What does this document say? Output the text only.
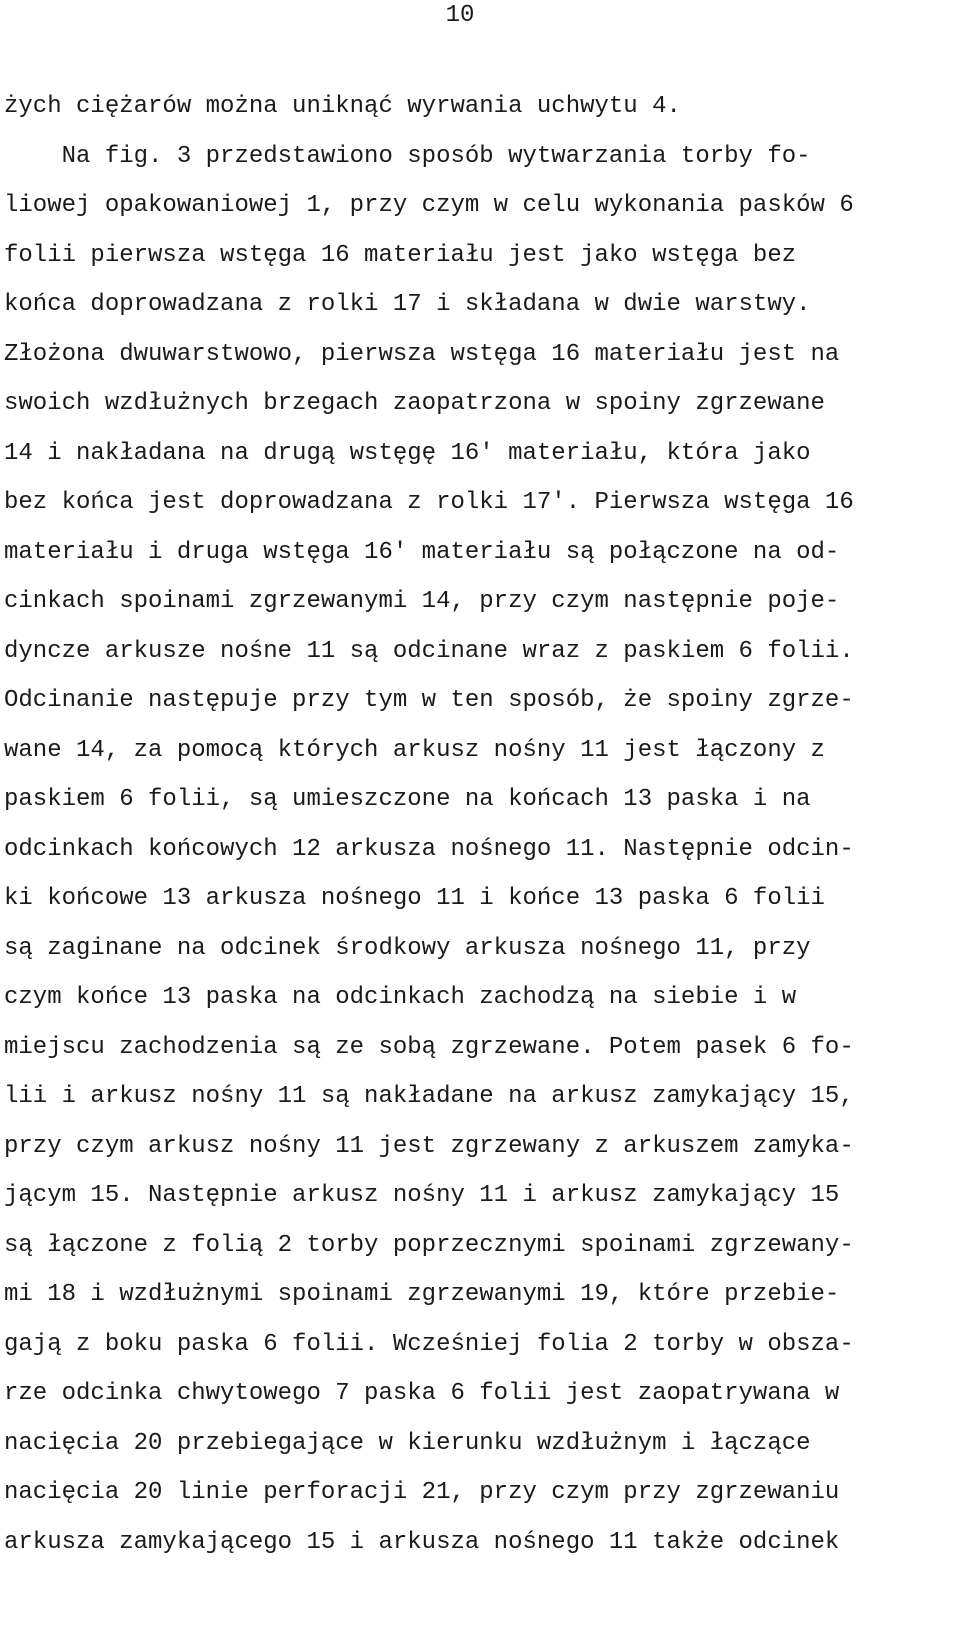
10
żych ciężarów można uniknąć wyrwania uchwytu 4.
Na fig. 3 przedstawiono sposób wytwarzania torby fo-
liowej opakowaniowej 1, przy czym w celu wykonania pasków 6
folii pierwsza wstęga 16 materiału jest jako wstęga bez
końca doprowadzana z rolki 17 i składana w dwie warstwy.
Złożona dwuwarstwowo, pierwsza wstęga 16 materiału jest na
swoich wzdłużnych brzegach zaopatrzona w spoiny zgrzewane
14 i nakładana na drugą wstęgę 16′ materiału, która jako
bez końca jest doprowadzana z rolki 17′. Pierwsza wstęga 16
materiału i druga wstęga 16′ materiału są połączone na od-
cinkach spoinami zgrzewanymi 14, przy czym następnie poje-
dyncze arkusze nośne 11 są odcinane wraz z paskiem 6 folii.
Odcinanie następuje przy tym w ten sposób, że spoiny zgrze-
wane 14, za pomocą których arkusz nośny 11 jest łączony z
paskiem 6 folii, są umieszczone na końcach 13 paska i na
odcinkach końcowych 12 arkusza nośnego 11. Następnie odcin-
ki końcowe 13 arkusza nośnego 11 i końce 13 paska 6 folii
są zaginane na odcinek środkowy arkusza nośnego 11, przy
czym końce 13 paska na odcinkach zachodzą na siebie i w
miejscu zachodzenia są ze sobą zgrzewane. Potem pasek 6 fo-
lii i arkusz nośny 11 są nakładane na arkusz zamykający 15,
przy czym arkusz nośny 11 jest zgrzewany z arkuszem zamyka-
jącym 15. Następnie arkusz nośny 11 i arkusz zamykający 15
są łączone z folią 2 torby poprzecznymi spoinami zgrzewany-
mi 18 i wzdłużnymi spoinami zgrzewanymi 19, które przebie-
gają z boku paska 6 folii. Wcześniej folia 2 torby w obsza-
rze odcinka chwytowego 7 paska 6 folii jest zaopatrywana w
nacięcia 20 przebiegające w kierunku wzdłużnym i łączące
nacięcia 20 linie perforacji 21, przy czym przy zgrzewaniu
arkusza zamykającego 15 i arkusza nośnego 11 także odcinek
